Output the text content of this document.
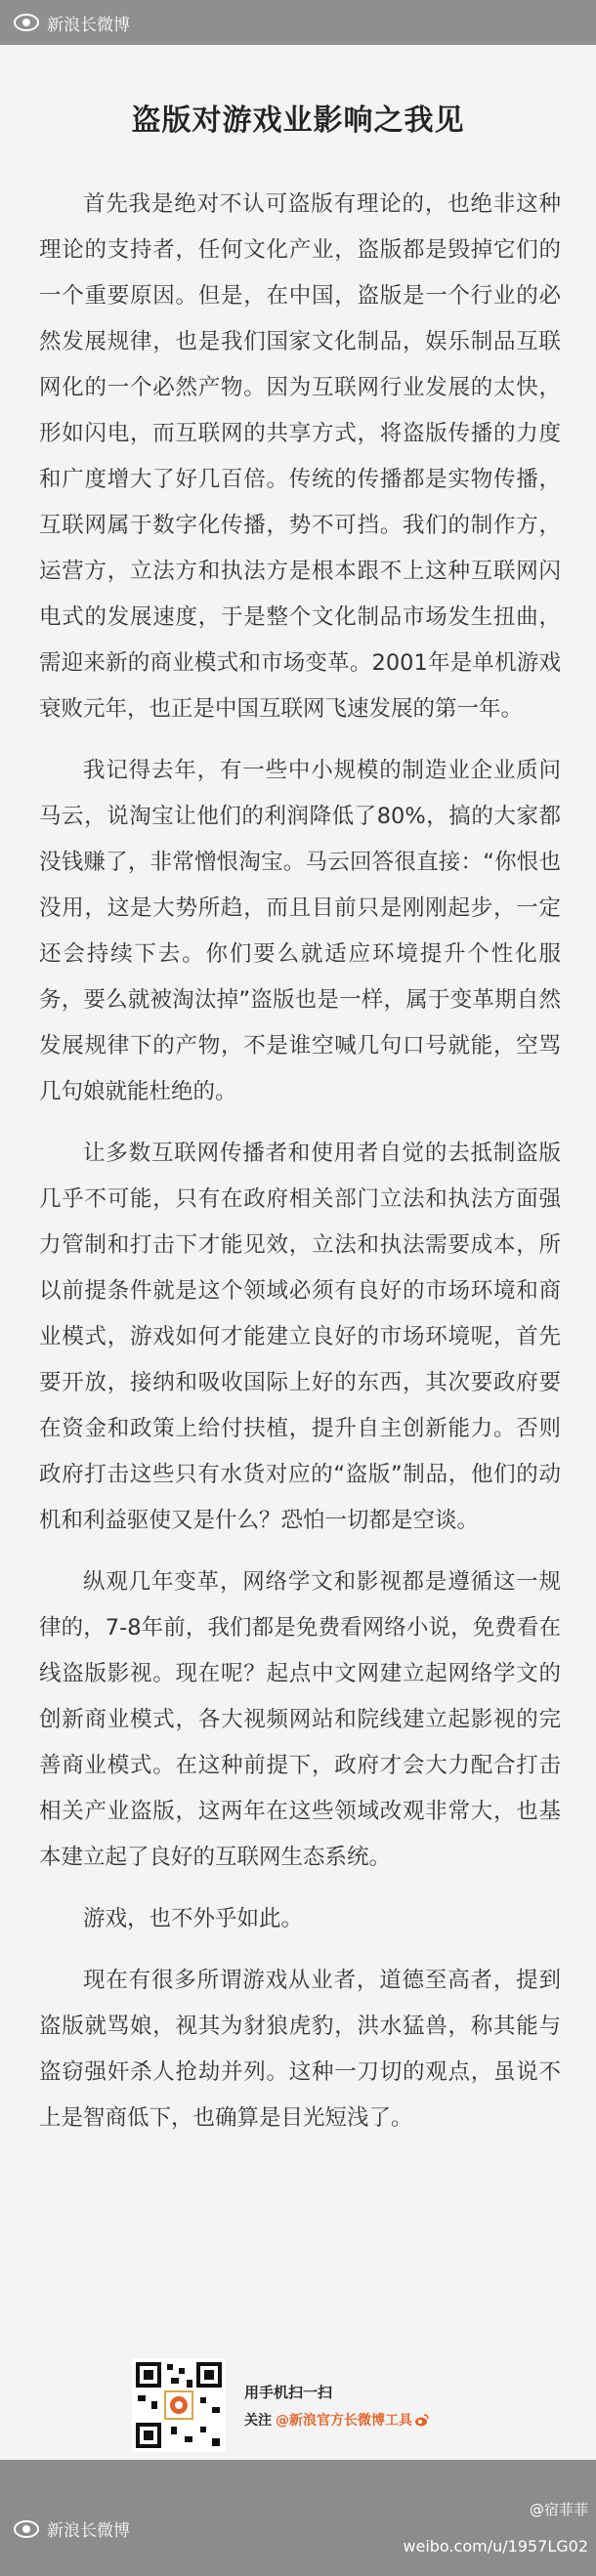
新浪长微博
盗版对游戏业影响之我见

首先我是绝对不认可盗版有理论的，也绝非这种理论的支持者，任何文化产业，盗版都是毁掉它们的一个重要原因。但是，在中国，盗版是一个行业的必然发展规律，也是我们国家文化制品，娱乐制品互联网化的一个必然产物。因为互联网行业发展的太快，形如闪电，而互联网的共享方式，将盗版传播的力度和广度增大了好几百倍。传统的传播都是实物传播，互联网属于数字化传播，势不可挡。我们的制作方，运营方，立法方和执法方是根本跟不上这种互联网闪电式的发展速度，于是整个文化制品市场发生扭曲，需迎来新的商业模式和市场变革。2001年是单机游戏衰败元年，也正是中国互联网飞速发展的第一年。

我记得去年，有一些中小规模的制造业企业质问马云，说淘宝让他们的利润降低了80%，搞的大家都没钱赚了，非常憎恨淘宝。马云回答很直接：“你恨也没用，这是大势所趋，而且目前只是刚刚起步，一定还会持续下去。你们要么就适应环境提升个性化服务，要么就被淘汰掉”盗版也是一样，属于变革期自然发展规律下的产物，不是谁空喊几句口号就能，空骂几句娘就能杜绝的。

让多数互联网传播者和使用者自觉的去抵制盗版几乎不可能，只有在政府相关部门立法和执法方面强力管制和打击下才能见效，立法和执法需要成本，所以前提条件就是这个领域必须有良好的市场环境和商业模式，游戏如何才能建立良好的市场环境呢，首先要开放，接纳和吸收国际上好的东西，其次要政府要在资金和政策上给付扶植，提升自主创新能力。否则政府打击这些只有水货对应的“盗版”制品，他们的动机和利益驱使又是什么？恐怕一切都是空谈。

纵观几年变革，网络学文和影视都是遵循这一规律的，7-8年前，我们都是免费看网络小说，免费看在线盗版影视。现在呢？起点中文网建立起网络学文的创新商业模式，各大视频网站和院线建立起影视的完善商业模式。在这种前提下，政府才会大力配合打击相关产业盗版，这两年在这些领域改观非常大，也基本建立起了良好的互联网生态系统。

游戏，也不外乎如此。

现在有很多所谓游戏从业者，道德至高者，提到盗版就骂娘，视其为豺狼虎豹，洪水猛兽，称其能与盗窃强奸杀人抢劫并列。这种一刀切的观点，虽说不上是智商低下，也确算是目光短浅了。

用手机扫一扫
关注 @新浪官方长微博工具
新浪长微博
@宿菲菲
weibo.com/u/1957LG02
